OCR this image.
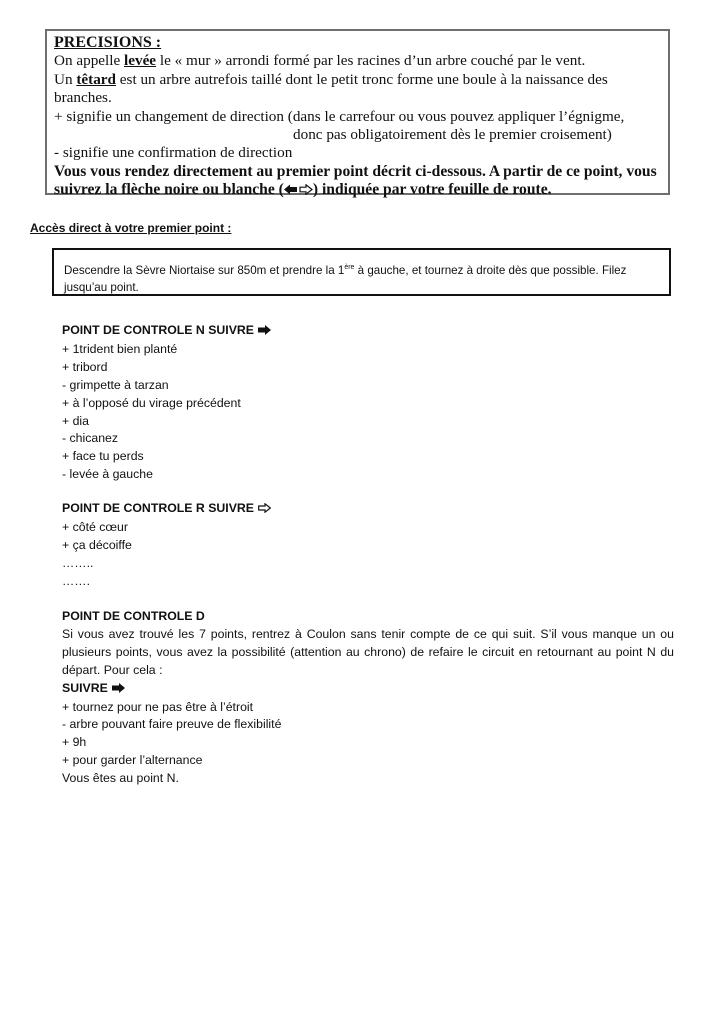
PRECISIONS :

On appelle levée le « mur » arrondi formé par les racines d’un arbre couché par le vent.

Un têtard est un arbre autrefois taillé dont le petit tronc forme une boule à la naissance des branches.

+ signifie un changement de direction (dans le carrefour ou vous pouvez appliquer l’égnigme,

donc pas obligatoirement dès le premier croisement)

- signifie une confirmation de direction

Vous vous rendez directement au premier point décrit ci-dessous. A partir de ce point, vous

suivrez la flèche noire ou blanche ( ) indiquée par votre feuille de route.

Accès direct à votre premier point :
Descendre la Sèvre Niortaise sur 850m et prendre la 1ère à gauche, et tournez à droite dès que possible. Filez jusqu’au point.
POINT DE CONTROLE N SUIVRE
+ 1trident bien planté
+ tribord
- grimpette à tarzan
+ à l’opposé du virage précédent
+ dia
- chicanez
+ face tu perds
- levée à gauche
POINT DE CONTROLE R SUIVRE
+ côté cœur
+ ça décoiffe
……..
…….
POINT DE CONTROLE D
Si vous avez trouvé les 7 points, rentrez à Coulon sans tenir compte de ce qui suit. S’il vous manque un ou plusieurs points, vous avez la possibilité (attention au chrono) de refaire le circuit en retournant au point N du départ. Pour cela :
SUIVRE
+ tournez pour ne pas être à l’étroit
- arbre pouvant faire preuve de flexibilité
+ 9h
+ pour garder l’alternance
Vous êtes au point N.
